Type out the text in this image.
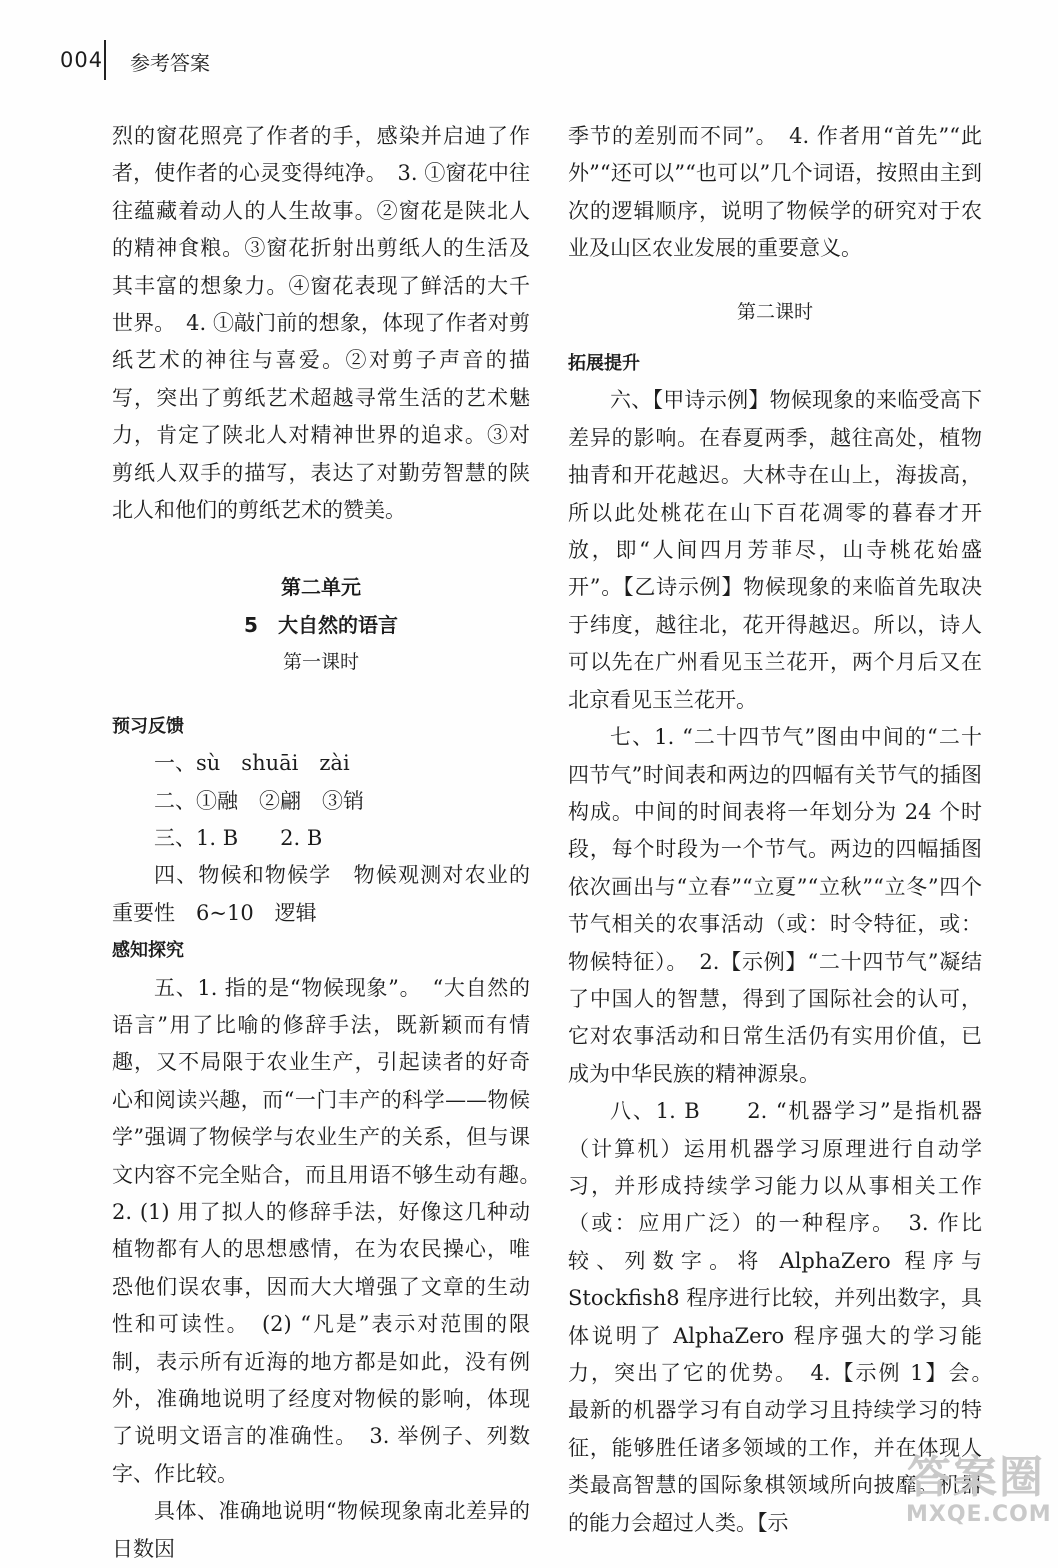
004 参考答案

烈的窗花照亮了作者的手，感染并启迪了作者，使作者的心灵变得纯净。　3. ①窗花中往往蕴藏着动人的人生故事。②窗花是陕北人的精神食粮。③窗花折射出剪纸人的生活及其丰富的想象力。④窗花表现了鲜活的大千世界。　4. ①敲门前的想象，体现了作者对剪纸艺术的神往与喜爱。②对剪子声音的描写，突出了剪纸艺术超越寻常生活的艺术魅力，肯定了陕北人对精神世界的追求。③对剪纸人双手的描写，表达了对勤劳智慧的陕北人和他们的剪纸艺术的赞美。

第二单元
5　大自然的语言
第一课时
预习反馈

一、sù　shuāi　zài

二、①融　②翩　③销

三、1. B　　2. B

四、物候和物候学　物候观测对农业的重要性　6~10　逻辑

感知探究

五、1. 指的是“物候现象”。　“大自然的语言”用了比喻的修辞手法，既新颖而有情趣，又不局限于农业生产，引起读者的好奇心和阅读兴趣，而“一门丰产的科学——物候学”强调了物候学与农业生产的关系，但与课文内容不完全贴合，而且用语不够生动有趣。　2. (1) 用了拟人的修辞手法，好像这几种动植物都有人的思想感情，在为农民操心，唯恐他们误农事，因而大大增强了文章的生动性和可读性。　(2) “凡是”表示对范围的限制，表示所有近海的地方都是如此，没有例外，准确地说明了经度对物候的影响，体现了说明文语言的准确性。　3. 举例子、列数字、作比较。

具体、准确地说明“物候现象南北差异的日数因

季节的差别而不同”。　4. 作者用“首先”“此外”“还可以”“也可以”几个词语，按照由主到次的逻辑顺序，说明了物候学的研究对于农业及山区农业发展的重要意义。

第二课时
拓展提升

六、【甲诗示例】物候现象的来临受高下差异的影响。在春夏两季，越往高处，植物抽青和开花越迟。大林寺在山上，海拔高，所以此处桃花在山下百花凋零的暮春才开放，即“人间四月芳菲尽，山寺桃花始盛开”。【乙诗示例】物候现象的来临首先取决于纬度，越往北，花开得越迟。所以，诗人可以先在广州看见玉兰花开，两个月后又在北京看见玉兰花开。

七、1. “二十四节气”图由中间的“二十四节气”时间表和两边的四幅有关节气的插图构成。中间的时间表将一年划分为 24 个时段，每个时段为一个节气。两边的四幅插图依次画出与“立春”“立夏”“立秋”“立冬”四个节气相关的农事活动（或：时令特征，或：物候特征）。　2.【示例】“二十四节气”凝结了中国人的智慧，得到了国际社会的认可，它对农事活动和日常生活仍有实用价值，已成为中华民族的精神源泉。

八、1. B　　2. “机器学习”是指机器（计算机）运用机器学习原理进行自动学习，并形成持续学习能力以从事相关工作（或：应用广泛）的一种程序。　3. 作比较、列数字。将 AlphaZero 程序与 Stockfish8 程序进行比较，并列出数字，具体说明了 AlphaZero 程序强大的学习能力，突出了它的优势。　4.【示例 1】会。　最新的机器学习有自动学习且持续学习的特征，能够胜任诸多领域的工作，并在体现人类最高智慧的国际象棋领域所向披靡。机器的能力会超过人类。【示

答案圈
MXQE.COM
